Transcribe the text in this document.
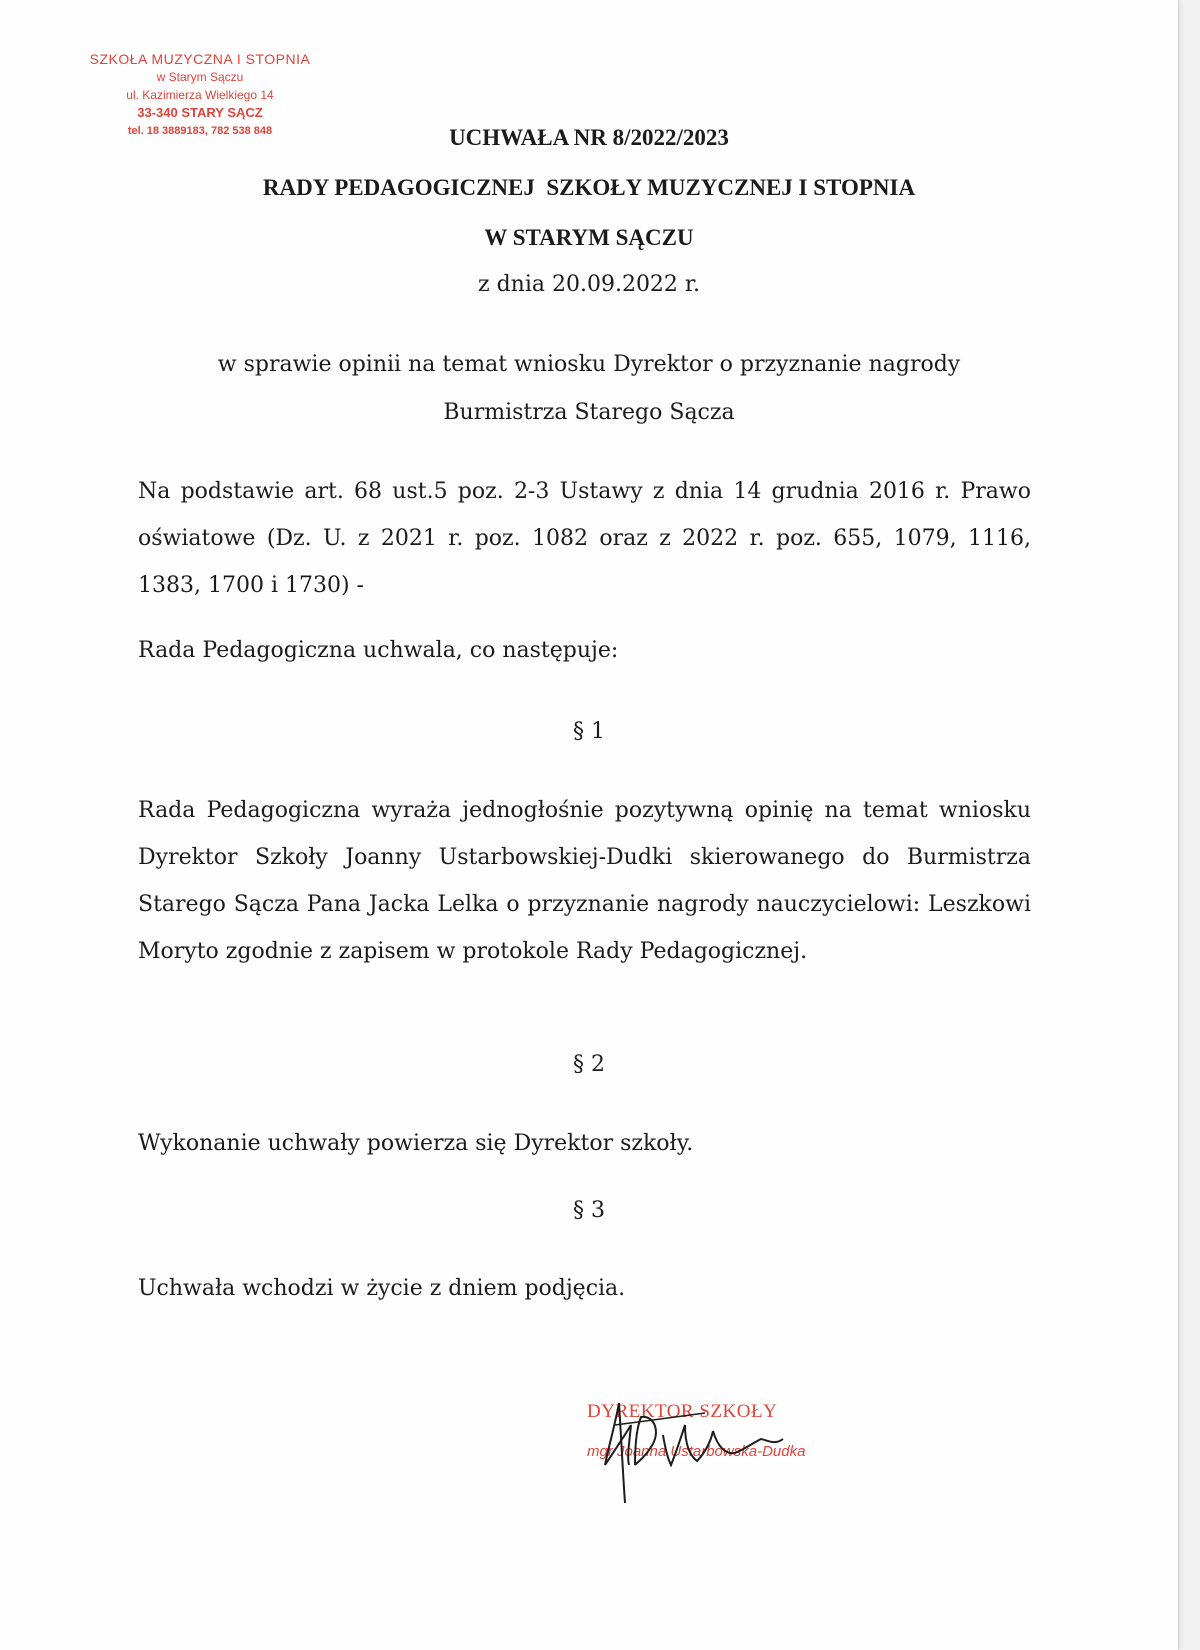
SZKOŁA MUZYCZNA I STOPNIA
w Starym Sączu
ul. Kazimierza Wielkiego 14
33-340 STARY SĄCZ
tel. 18 3889183, 782 538 848	UCHWAŁA NR 8/2022/2023
RADY PEDAGOGICZNEJ  SZKOŁY MUZYCZNEJ I STOPNIA
W STARYM SĄCZU
z dnia 20.09.2022 r.
w sprawie opinii na temat wniosku Dyrektor o przyznanie nagrody
Burmistrza Starego Sącza
Na podstawie art. 68 ust.5 poz. 2-3 Ustawy z dnia 14 grudnia 2016 r. Prawo oświatowe (Dz. U. z 2021 r. poz. 1082 oraz z 2022 r. poz. 655, 1079, 1116, 1383, 1700 i 1730) -
Rada Pedagogiczna uchwala, co następuje:
§ 1
Rada Pedagogiczna wyraża jednogłośnie pozytywną opinię na temat wniosku Dyrektor Szkoły Joanny Ustarbowskiej-Dudki skierowanego do Burmistrza Starego Sącza Pana Jacka Lelka o przyznanie nagrody nauczycielowi: Leszkowi Moryto zgodnie z zapisem w protokole Rady Pedagogicznej.
§ 2
Wykonanie uchwały powierza się Dyrektor szkoły.
§ 3
Uchwała wchodzi w życie z dniem podjęcia.
DYREKTOR SZKOŁY
mgr Joanna Ustarbowska-Dudka
